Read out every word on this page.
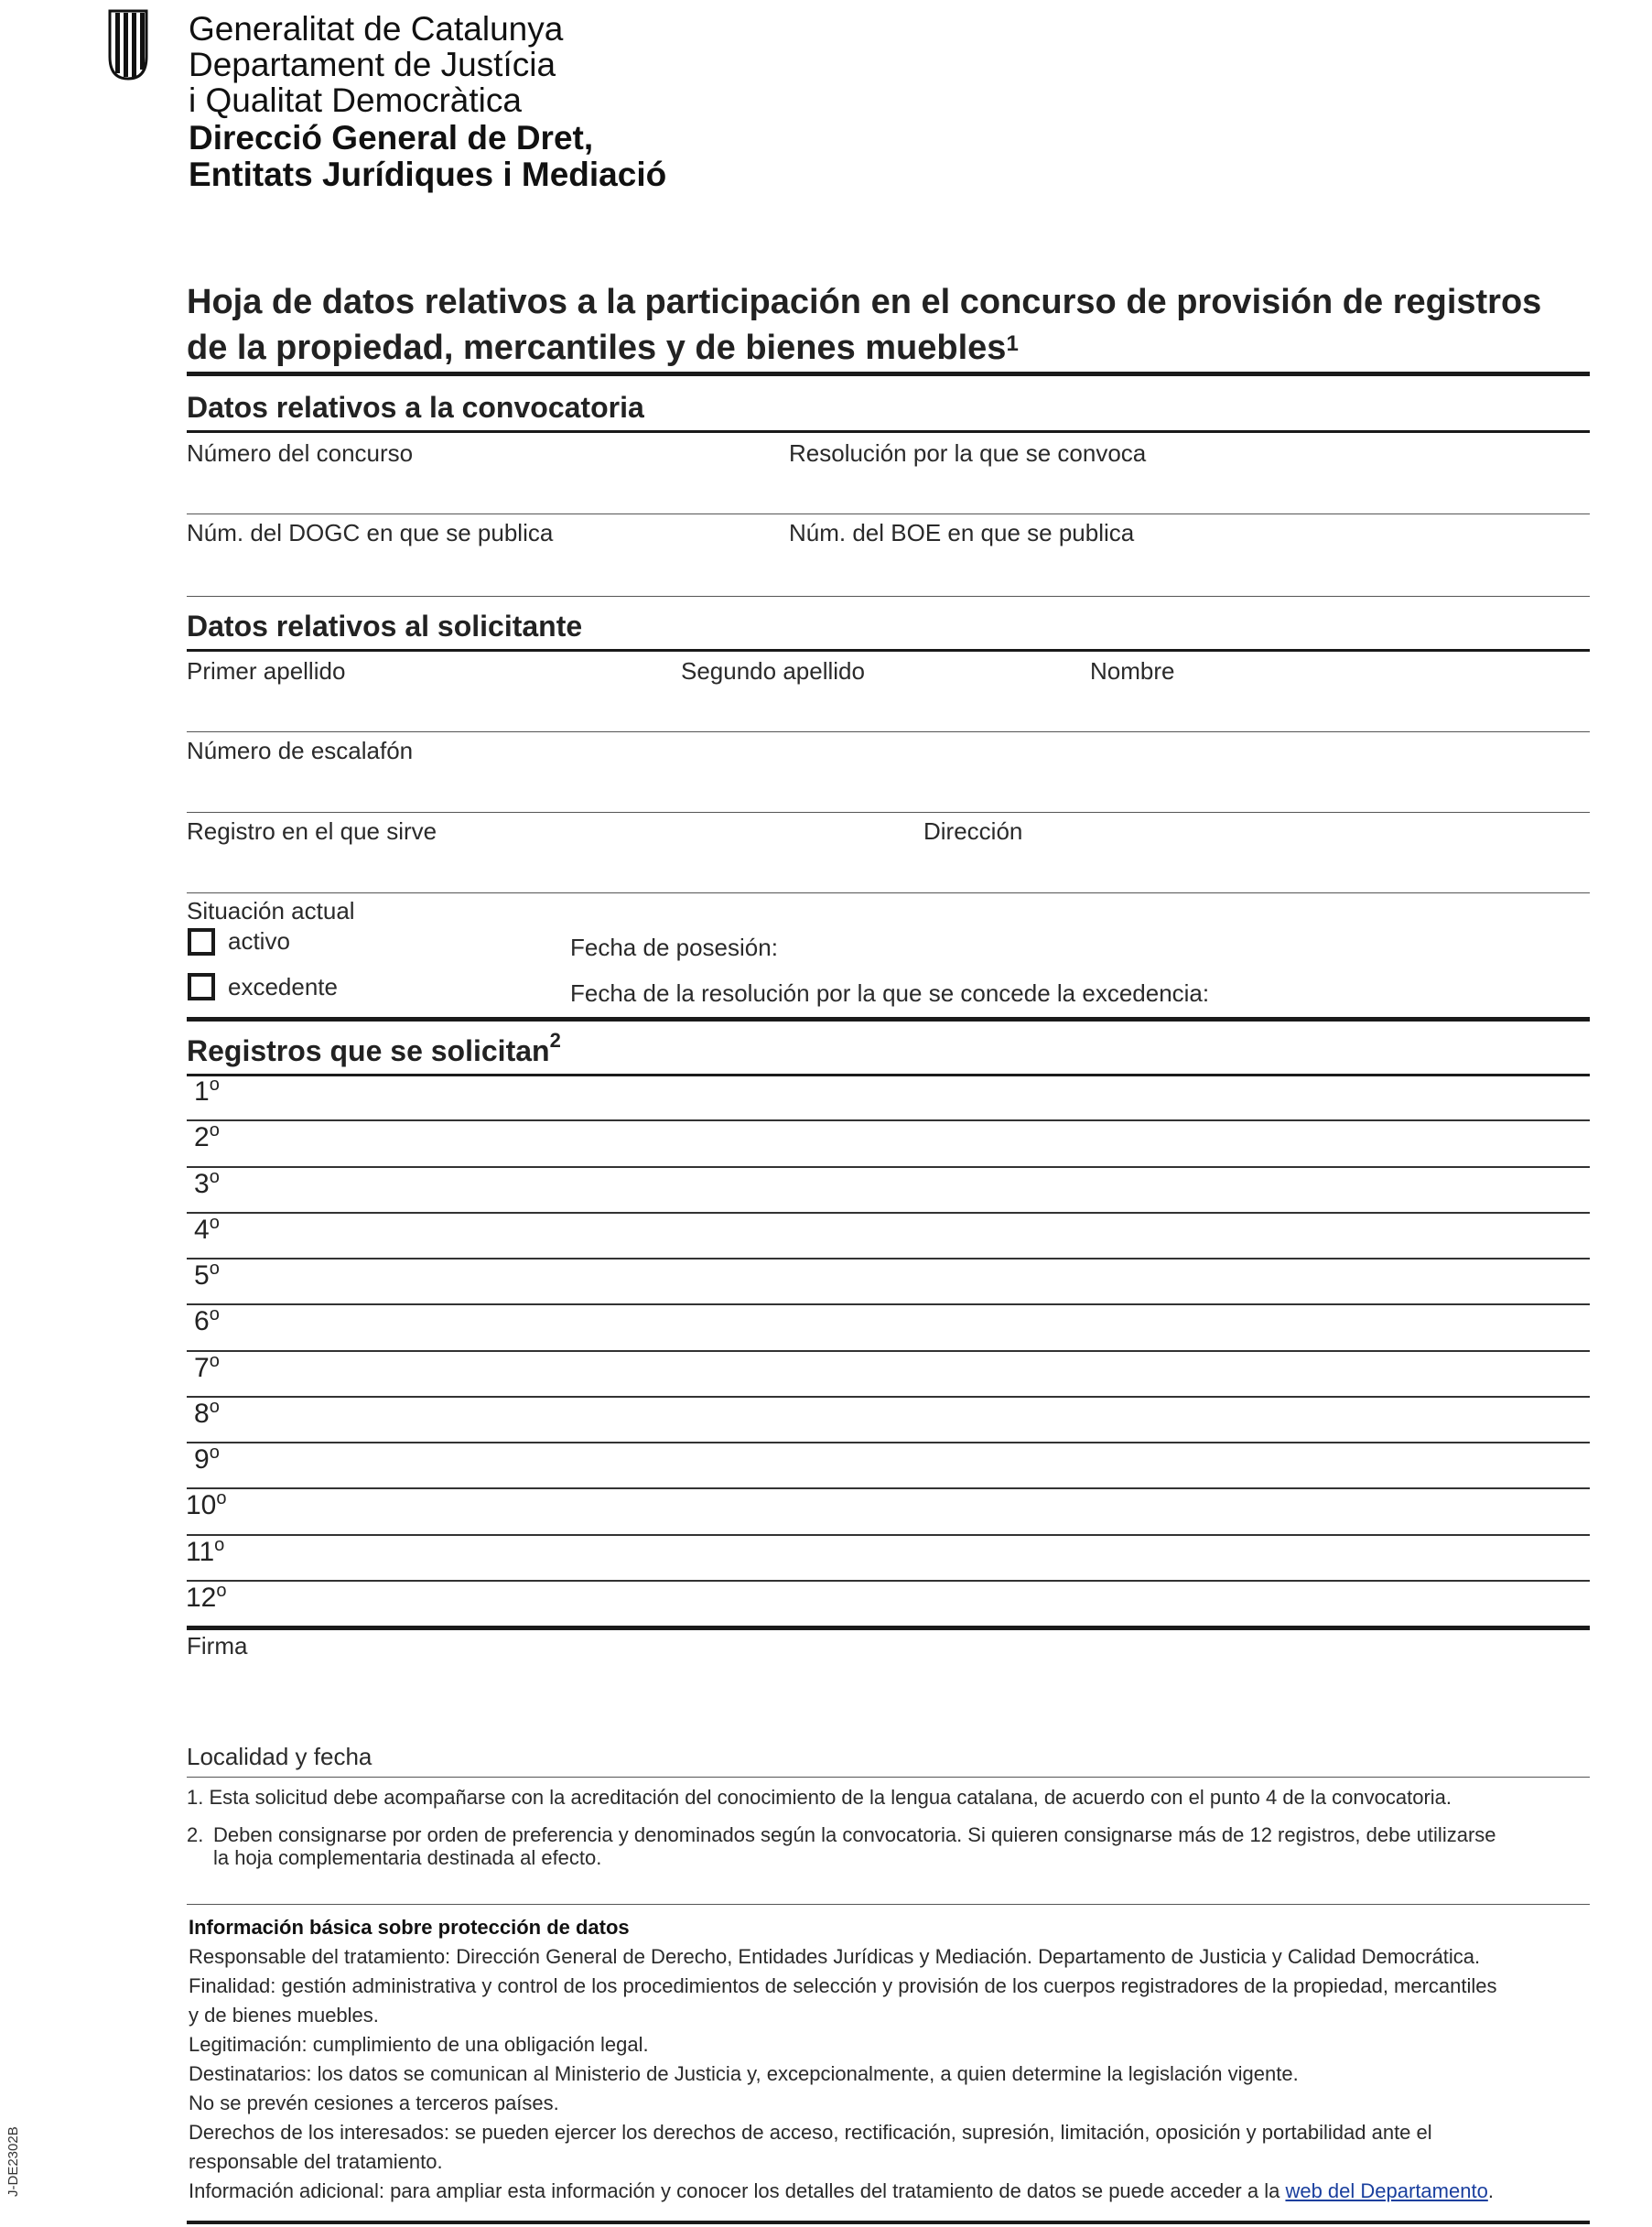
Generalitat de Catalunya
Departament de Justícia
i Qualitat Democràtica
Direcció General de Dret,
Entitats Jurídiques i Mediació
Hoja de datos relativos a la participación en el concurso de provisión de registros
de la propiedad, mercantiles y de bienes muebles$^1$
Datos relativos a la convocatoria
Número del concurso	Resolución por la que se convoca
Núm. del DOGC en que se publica	Núm. del BOE en que se publica
Datos relativos al solicitante
Primer apellido	Segundo apellido	Nombre
Número de escalafón
Registro en el que sirve	Dirección
Situación actual
activo	Fecha de posesión:
excedente	Fecha de la resolución por la que se concede la excedencia:
Registros que se solicitan$^2$
1$^o$
2$^o$
3$^o$
4$^o$
5$^o$
6$^o$
7$^o$
8$^o$
9$^o$
10$^o$
11$^o$
12$^o$
Firma
Localidad y fecha
1. Esta solicitud debe acompañarse con la acreditación del conocimiento de la lengua catalana, de acuerdo con el punto 4 de la convocatoria.
2. Deben consignarse por orden de preferencia y denominados según la convocatoria. Si quieren consignarse más de 12 registros, debe utilizarse
la hoja complementaria destinada al efecto.
Información básica sobre protección de datos
Responsable del tratamiento: Dirección General de Derecho, Entidades Jurídicas y Mediación. Departamento de Justicia y Calidad Democrática.
Finalidad: gestión administrativa y control de los procedimientos de selección y provisión de los cuerpos registradores de la propiedad, mercantiles
y de bienes muebles.
Legitimación: cumplimiento de una obligación legal.
Destinatarios: los datos se comunican al Ministerio de Justicia y, excepcionalmente, a quien determine la legislación vigente.
No se prevén cesiones a terceros países.
Derechos de los interesados: se pueden ejercer los derechos de acceso, rectificación, supresión, limitación, oposición y portabilidad ante el
responsable del tratamiento.
Información adicional: para ampliar esta información y conocer los detalles del tratamiento de datos se puede acceder a la web del Departamento.
J-DE2302B
